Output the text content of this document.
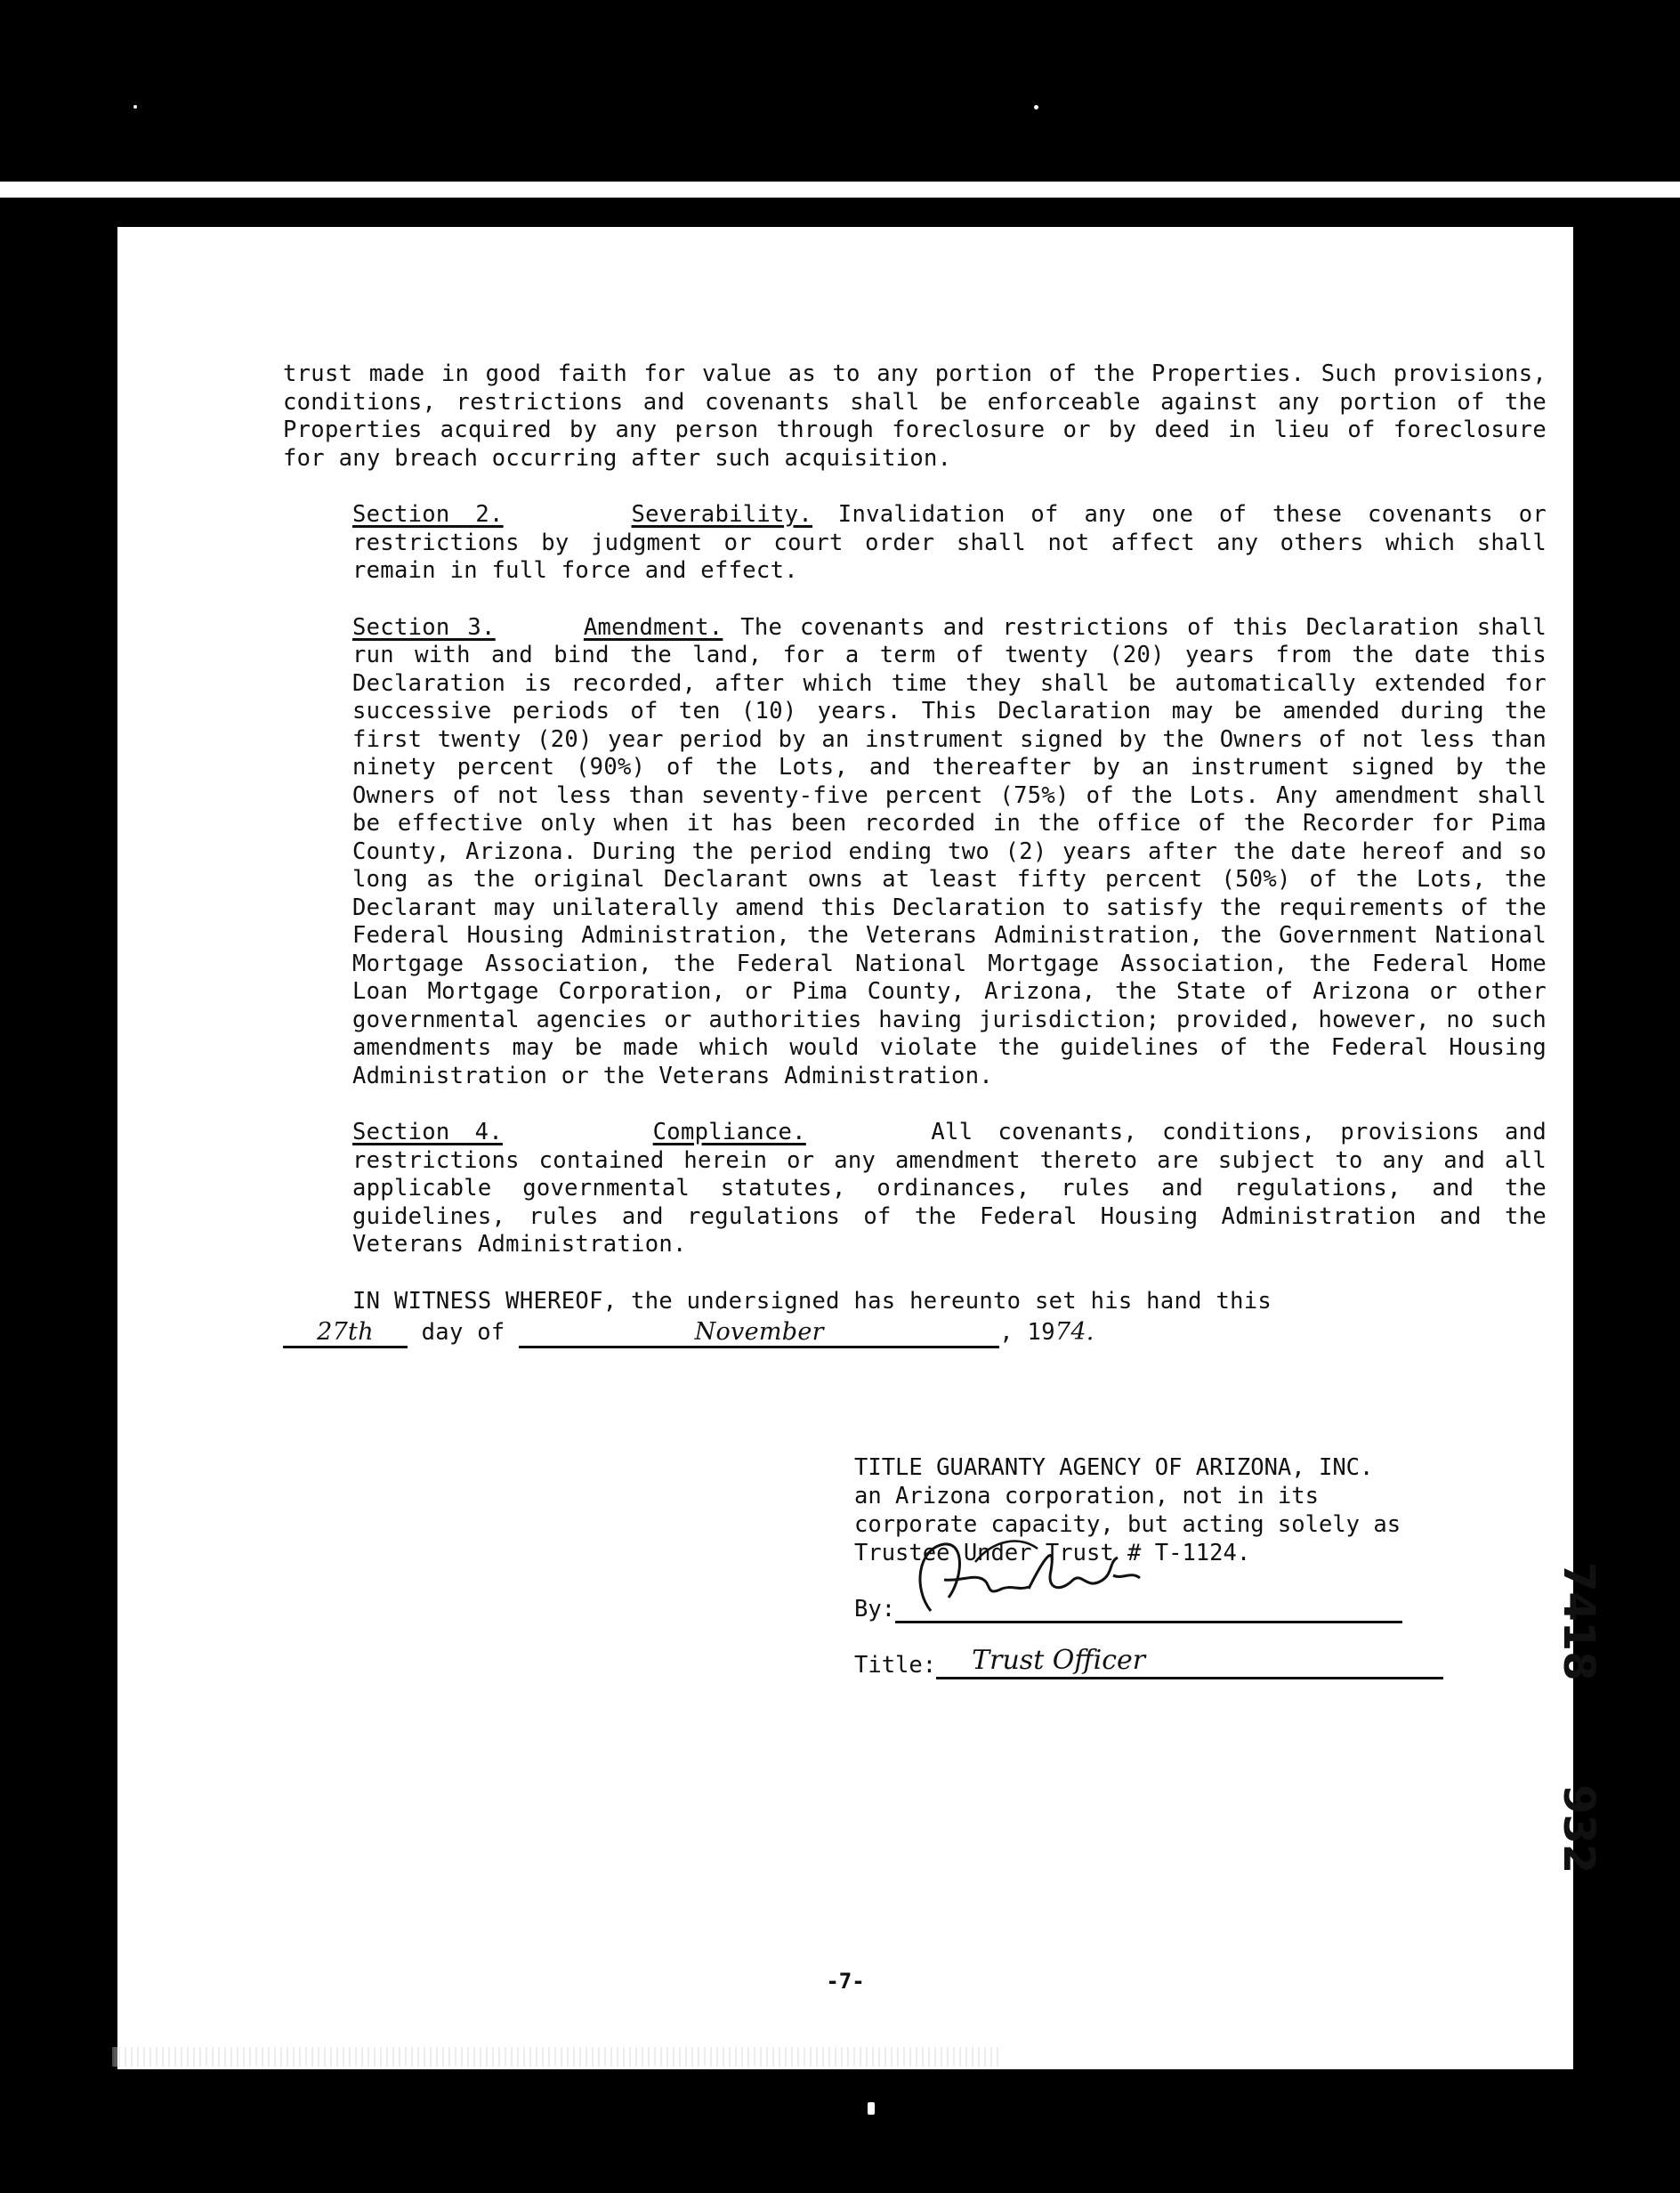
trust made in good faith for value as to any portion of the Properties. Such provisions, conditions, restrictions and covenants shall be enforceable against any portion of the Properties acquired by any person through foreclosure or by deed in lieu of foreclosure for any breach occurring after such acquisition.

Section 2.	Severability. Invalidation of any one of these covenants or restrictions by judgment or court order shall not affect any others which shall remain in full force and effect.

Section 3.	Amendment. The covenants and restrictions of this Declaration shall run with and bind the land, for a term of twenty (20) years from the date this Declaration is recorded, after which time they shall be automatically extended for successive periods of ten (10) years. This Declaration may be amended during the first twenty (20) year period by an instrument signed by the Owners of not less than ninety percent (90%) of the Lots, and thereafter by an instrument signed by the Owners of not less than seventy-five percent (75%) of the Lots. Any amendment shall be effective only when it has been recorded in the office of the Recorder for Pima County, Arizona. During the period ending two (2) years after the date hereof and so long as the original Declarant owns at least fifty percent (50%) of the Lots, the Declarant may unilaterally amend this Declaration to satisfy the requirements of the Federal Housing Administration, the Veterans Administration, the Government National Mortgage Association, the Federal National Mortgage Association, the Federal Home Loan Mortgage Corporation, or Pima County, Arizona, the State of Arizona or other governmental agencies or authorities having jurisdiction; provided, however, no such amendments may be made which would violate the guidelines of the Federal Housing Administration or the Veterans Administration.

Section 4.	Compliance.	All covenants, conditions, provisions and restrictions contained herein or any amendment thereto are subject to any and all applicable governmental statutes, ordinances, rules and regulations, and the guidelines, rules and regulations of the Federal Housing Administration and the Veterans Administration.

IN WITNESS WHEREOF, the undersigned has hereunto set his hand this

27th day of	November	, 1974.

TITLE GUARANTY AGENCY OF ARIZONA, INC.
an Arizona corporation, not in its
corporate capacity, but acting solely as
Trustee Under Trust # T-1124.
By:
Title: Trust Officer	7418
932
-7-
